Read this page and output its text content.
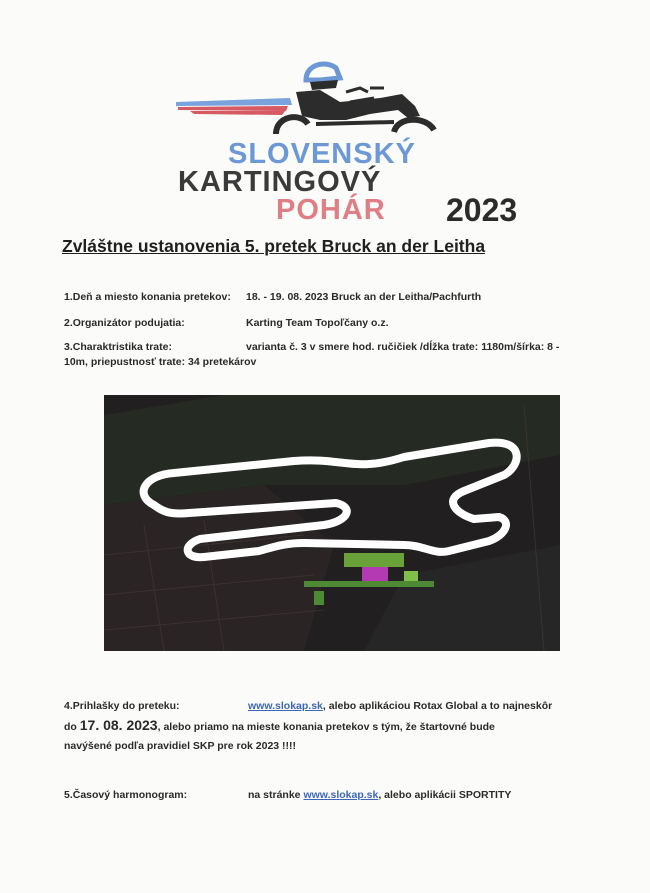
SLOVENSKÝ
KARTINGOVÝ
POHÁR 2023
Zvláštne ustanovenia 5. pretek Bruck an der Leitha
1.Deň a miesto konania pretekov: 18. - 19. 08. 2023 Bruck an der Leitha/Pachfurth
2.Organizátor podujatia:	Karting Team Topoľčany o.z.
3.Charaktristika trate:	varianta č. 3 v smere hod. ručičiek /dĺžka trate: 1180m/šírka: 8 -
10m, priepustnosť trate: 34 pretekárov
4.Prihlašky do preteku:	www.slokap.sk, alebo aplikáciou Rotax Global a to najneskôr
do 17. 08. 2023, alebo priamo na mieste konania pretekov s tým, že štartovné bude
navýšené podľa pravidiel SKP pre rok 2023 !!!!
5.Časový harmonogram:	na stránke www.slokap.sk, alebo aplikácii SPORTITY
